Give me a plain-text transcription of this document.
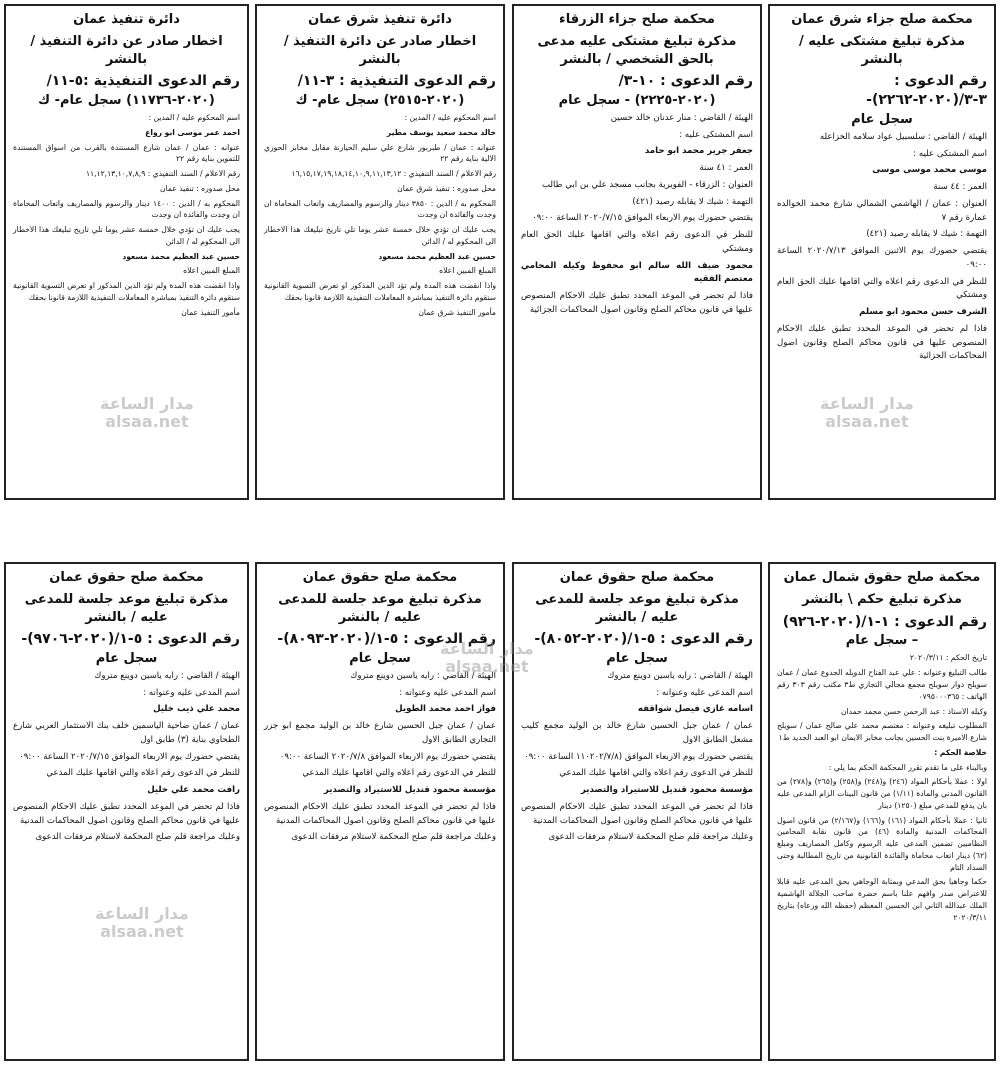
محكمة صلح جزاء شرق عمان
مذكرة تبليغ مشتكى عليه / بالنشر
رقم الدعوى : ٣-٣/(٢٠٢٠-٢٢٦٢)-
سجل عام

الهيئة / القاضي : سلسبيل عواد سلامه الخزاعله

اسم المشتكى عليه :

موسى محمد موسى موسى

العمر : ٤٤ سنة

العنوان : عمان / الهاشمي الشمالي شارع محمد الخوالده عمارة رقم ٧

التهمة : شيك لا يقابله رصيد (٤٢١)

يقتضي حضورك يوم الاثنين الموافق ٢٠٢٠/٧/١٣ الساعة ٠٩:٠٠

للنظر في الدعوى رقم اعلاه والتي اقامها عليك الحق العام ومشتكي

الشرف حسن محمود ابو مسلم

فاذا لم تحضر في الموعد المحدد تطبق عليك الاحكام المنصوص عليها في قانون محاكم الصلح وقانون اصول المحاكمات الجزائية

محكمة صلح جزاء الزرقاء
مذكرة تبليغ مشتكى عليه مدعى بالحق الشخصي / بالنشر
رقم الدعوى : ١٠-٣/
(٢٠٢٠-٢٢٢٥) - سجل عام

الهيئة / القاضي : منار عدنان خالد حسين

اسم المشتكى عليه :

جعفر جرير محمد ابو حامد

العمر : ٤١ سنة

العنوان : الزرقاء - الفويرية بجانب مسجد علي بن ابي طالب

التهمة : شيك لا يقابله رصيد (٤٢١)

يقتضي حضورك يوم الاربعاء الموافق ٢٠٢٠/٧/١٥ الساعة ٠٩:٠٠

للنظر في الدعوى رقم اعلاه والتي اقامها عليك الحق العام ومشتكي

محمود ضيف الله سالم ابو محفوظ وكيله المحامي معتصم الفقيه

فاذا لم تحضر في الموعد المحدد تطبق عليك الاحكام المنصوص عليها في قانون محاكم الصلح وقانون اصول المحاكمات الجزائية

دائرة تنفيذ شرق عمان
اخطار صادر عن دائرة التنفيذ / بالنشر
رقم الدعوى التنفيذية : ٣-١١/
(٢٠٢٠-٢٥١٥) سجل عام- ك

اسم المحكوم عليه / المدين :

خالد محمد سعيد يوسف مطير

عنوانه : عمان / طبربور شارع علي سليم الحيارنة مقابل مخابز الحوري الالية بناية رقم ٢٢

رقم الاعلام / السند التنفيذي : ١٦,١٥,١٧,١٩,١٨,١٤,١٠,٩,١١,١٣,١٢

محل صدوره : تنفيذ شرق عمان

المحكوم به / الدين : ٣٨٥٠ دينار والرسوم والمصاريف واتعاب المحاماة ان وجدت والفائدة ان وجدت

يجب عليك ان تؤدي خلال خمسة عشر يوما تلي تاريخ تبليغك هذا الاخطار الى المحكوم له / الدائن

حسين عبد العظيم محمد مسعود

المبلغ المبين اعلاه

واذا انقضت هذه المدة ولم تؤد الدين المذكور او تعرض التسوية القانونية ستقوم دائرة التنفيذ بمباشرة المعاملات التنفيذية اللازمة قانونا بحقك

مأمور التنفيذ شرق عمان

دائرة تنفيذ عمان
اخطار صادر عن دائرة التنفيذ / بالنشر
رقم الدعوى التنفيذية :٥-١١/
(٢٠٢٠-١١٧٣٦) سجل عام- ك

اسم المحكوم عليه / المدين :

احمد عمر موسى ابو رواع

عنوانه : عمان / عمان شارع المستندة بالقرب من اسواق المستندة للتموين بناية رقم ٢٢

رقم الاعلام / السند التنفيذي : ١١,١٢,١٣,١٠,٧,٨,٩

محل صدوره : تنفيذ عمان

المحكوم به / الدين : ١٤٠٠ دينار والرسوم والمصاريف واتعاب المحاماة ان وجدت والفائدة ان وجدت

يجب عليك ان تؤدي خلال خمسة عشر يوما تلي تاريخ تبليغك هذا الاخطار الى المحكوم له / الدائن

حسين عبد العظيم محمد مسعود

المبلغ المبين اعلاه

واذا انقضت هذه المدة ولم تؤد الدين المذكور او تعرض التسوية القانونية ستقوم دائرة التنفيذ بمباشرة المعاملات التنفيذية اللازمة قانونا بحقك

مأمور التنفيذ عمان

محكمة صلح حقوق شمال عمان
مذكرة تبليغ حكم \ بالنشر
رقم الدعوى : ١-١/(٢٠٢٠-٩٢٦)
– سجل عام

تاريخ الحكم : ٢٠٢٠/٣/١١

طالب التبليغ وعنوانه : علي عبد الفتاح الدويله الجدوع عمان / عمان سويلح دوار سويلح مجمع مجالي التجاري ط٣ مكتب رقم ٣٠٣ رقم الهاتف : ٠٧٩٥٠٠٠٣٦٥

وكيله الاستاذ : عبد الرحمن حسن محمد حمدان

المطلوب تبليغه وعنوانه : معتصم محمد علي صالح عمان / سويلح شارع الاميرة بنت الحسين بجانب مخابز الايمان ابو العبد الجديد ط١

خلاصة الحكم :

وبالبناء على ما تقدم تقرر المحكمة الحكم بما يلي :

اولا : عملا بأحكام المواد (٢٤٦) و(٢٤٨) و(٢٥٨) و(٢٦٥) و(٢٧٨) من القانون المدني والمادة (١/١١) من قانون البينات الزام المدعى عليه بان يدفع للمدعي مبلغ (١٢٥٠) دينار

ثانيا : عملا بأحكام المواد (١٦١) و(١٦٦) و(٢/١٦٧) من قانون اصول المحاكمات المدنية والمادة (٤٦) من قانون نقابة المحامين النظاميين تضمين المدعى عليه الرسوم وكامل المصاريف ومبلغ (٦٢) دينار اتعاب محاماة والفائدة القانونية من تاريخ المطالبة وحتى السداد التام

حكما وجاهيا بحق المدعي وبمثابة الوجاهي بحق المدعى عليه قابلا للاعتراض صدر وافهم علنا باسم حضرة صاحب الجلالة الهاشمية الملك عبدالله الثاني ابن الحسين المعظم (حفظه الله ورعاه) بتاريخ ٢٠٢٠/٣/١١

محكمة صلح حقوق عمان
مذكرة تبليغ موعد جلسة للمدعى عليه / بالنشر
رقم الدعوى : ٥-١/(٢٠٢٠-٨٠٥٢)-
سجل عام

الهيئة / القاضي : رايه ياسين دوينع متروك

اسم المدعى عليه وعنوانه :

اسامه غازي فيصل شواقفه

عمان / عمان جبل الحسين شارع خالد بن الوليد مجمع كليب مشعل الطابق الاول

يقتضي حضورك يوم الاربعاء الموافق (١١٠٢٠٢/٧/٨ الساعة ٠٩:٠٠

للنظر في الدعوى رقم اعلاه والتي اقامها عليك المدعي

مؤسسة محمود قنديل للاستيراد والتصدير

فاذا لم تحضر في الموعد المحدد تطبق عليك الاحكام المنصوص عليها في قانون محاكم الصلح وقانون اصول المحاكمات المدنية

وعليك مراجعة قلم صلح المحكمة لاستلام مرفقات الدعوى

محكمة صلح حقوق عمان
مذكرة تبليغ موعد جلسة للمدعى عليه / بالنشر
رقم الدعوى : ٥-١/(٢٠٢٠-٨٠٩٣)-
سجل عام

الهيئة / القاضي : رايه ياسين دوينع متروك

اسم المدعى عليه وعنوانه :

فواز احمد محمد الطويل

عمان / عمان جبل الحسين شارع خالد بن الوليد مجمع ابو جزر التجاري الطابق الاول

يقتضي حضورك يوم الاربعاء الموافق ٢٠٢٠/٧/٨ الساعة ٠٩:٠٠

للنظر في الدعوى رقم اعلاه والتي اقامها عليك المدعي

مؤسسة محمود قنديل للاستيراد والتصدير

فاذا لم تحضر في الموعد المحدد تطبق عليك الاحكام المنصوص عليها في قانون محاكم الصلح وقانون اصول المحاكمات المدنية

وعليك مراجعة قلم صلح المحكمة لاستلام مرفقات الدعوى

محكمة صلح حقوق عمان
مذكرة تبليغ موعد جلسة للمدعى عليه / بالنشر
رقم الدعوى : ٥-١/(٢٠٢٠-٩٧٠٦)-
سجل عام

الهيئة / القاضي : رايه ياسين دوينع متروك

اسم المدعى عليه وعنوانه :

محمد علي ذيب خليل

عمان / عمان ضاحية الياسمين خلف بنك الاستثمار العربي شارع الطحاوي بناية (٣) طابق اول

يقتضي حضورك يوم الاربعاء الموافق ٢٠٢٠/٧/١٥ الساعة ٠٩:٠٠

للنظر في الدعوى رقم اعلاه والتي اقامها عليك المدعي

رافت محمد علي خليل

فاذا لم تحضر في الموعد المحدد تطبق عليك الاحكام المنصوص عليها في قانون محاكم الصلح وقانون اصول المحاكمات المدنية

وعليك مراجعة قلم صلح المحكمة لاستلام مرفقات الدعوى

مدار الساعة
alsaa.net
مدار الساعة
alsaa.net
مدار الساعة
alsaa.net
مدار الساعة
alsaa.net
